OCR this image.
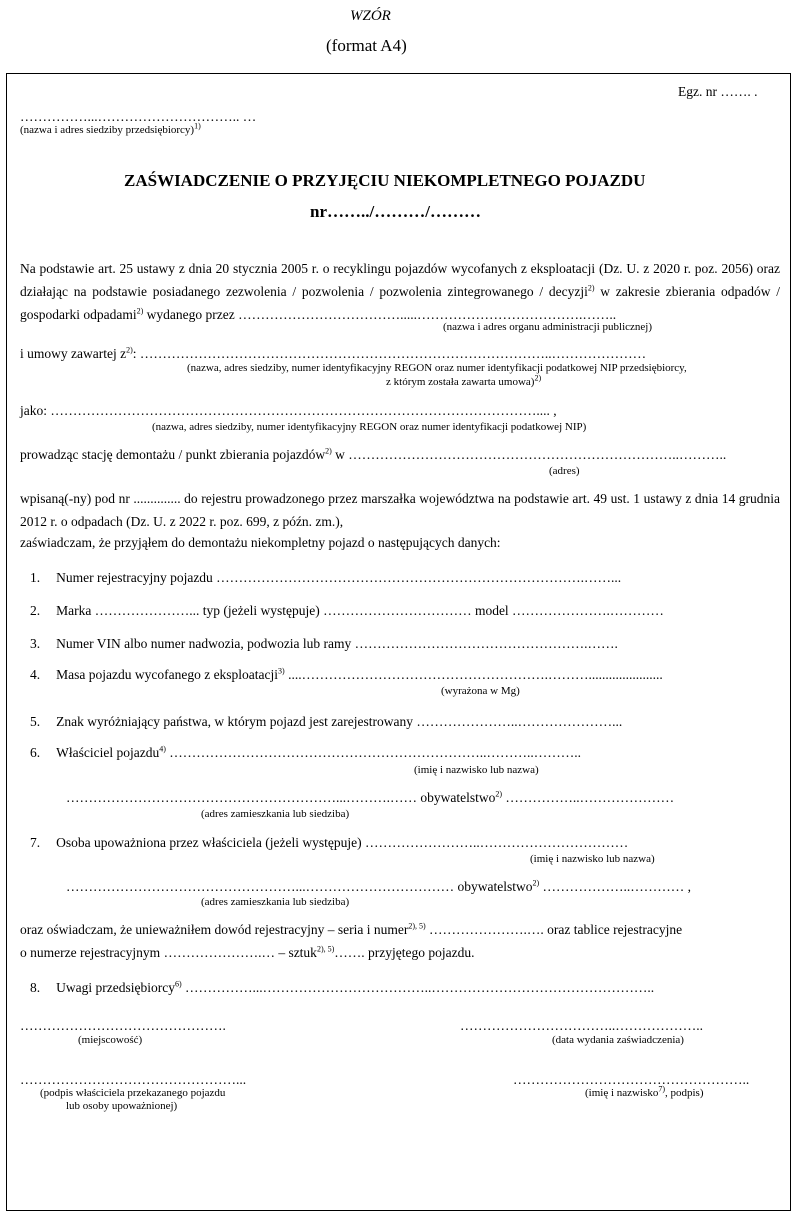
WZÓR
(format A4)
Egz. nr ……. .
……………...………………………….. …
(nazwa i adres siedziby przedsiębiorcy)$^{1)}$
ZAŚWIADCZENIE O PRZYJĘCIU NIEKOMPLETNEGO POJAZDU
nr……../………/………
Na podstawie art. 25 ustawy z dnia 20 stycznia 2005 r. o recyklingu pojazdów wycofanych z eksploatacji (Dz. U. z 2020 r. poz. 2056) oraz działając na podstawie posiadanego zezwolenia / pozwolenia / pozwolenia zintegrowanego / decyzji$^{2)}$ w zakresie zbierania odpadów / gospodarki odpadami$^{2)}$ wydanego przez ……………………………….....……………………………….……..
(nazwa i adres organu administracji publicznej)
i umowy zawartej $z^{2)}$: ………………………………………………………………………………..…………………
(nazwa, adres siedziby, numer identyfikacyjny REGON oraz numer identyfikacji podatkowej NIP przedsiębiorcy,
z którym została zawarta umowa)$^{2)}$
jako: ……………………………………………………………………………………………….... ,
(nazwa, adres siedziby, numer identyfikacyjny REGON oraz numer identyfikacji podatkowej NIP)
prowadząc stację demontażu / punkt zbierania pojazdów$^{2)}$ w ………………………………………………………………..………..
(adres)
wpisaną(-ny) pod nr .............. do rejestru prowadzonego przez marszałka województwa na podstawie art. 49 ust. 1 ustawy z dnia 14 grudnia 2012 r. o odpadach (Dz. U. z 2022 r. poz. 699, z późn. zm.),
zaświadczam, że przyjąłem do demontażu niekompletny pojazd o następujących danych:
1. Numer rejestracyjny pojazdu ……………………………………………………………………….……...
2. Marka …………………... typ (jeżeli występuje) …………………………… model ………………….…………
3. Numer VIN albo numer nadwozia, podwozia lub ramy …………………………………………….…….
4. Masa pojazdu wycofanego z eksploatacji$^{3)}$ ....……………………………………………….………......................
(wyrażona w Mg)
5. Znak wyróżniający państwa, w którym pojazd jest zarejestrowany …………………..…………………...
6. Właściciel pojazdu$^{4)}$ ……………………………………………………………..………..………..
(imię i nazwisko lub nazwa)
……………………………………………………...……….…… obywatelstwo$^{2)}$ ……………..…………………
(adres zamieszkania lub siedziba)
7. Osoba upoważniona przez właściciela (jeżeli występuje) ……………………..……………………………
(imię i nazwisko lub nazwa)
……………………………………………...…………………………… obywatelstwo$^{2)}$ ………………..………… ,
(adres zamieszkania lub siedziba)
oraz oświadczam, że unieważniłem dowód rejestracyjny – seria i numer$^{2), 5)}$ ………………….…. oraz tablice rejestracyjne
o numerze rejestracyjnym ………………….… – sztuk$^{2), 5)}$……. przyjętego pojazdu.
8. Uwagi przedsiębiorcy$^{6)}$ ……………...………………………………..…………………………………………..
……………………………………….
(miejscowość)
……………………………..………………..
(data wydania zaświadczenia)
…………………………………………...
(podpis właściciela przekazanego pojazdu
lub osoby upoważnionej)
……………………………………………..
(imię i nazwisko$^{7)}$, podpis)
